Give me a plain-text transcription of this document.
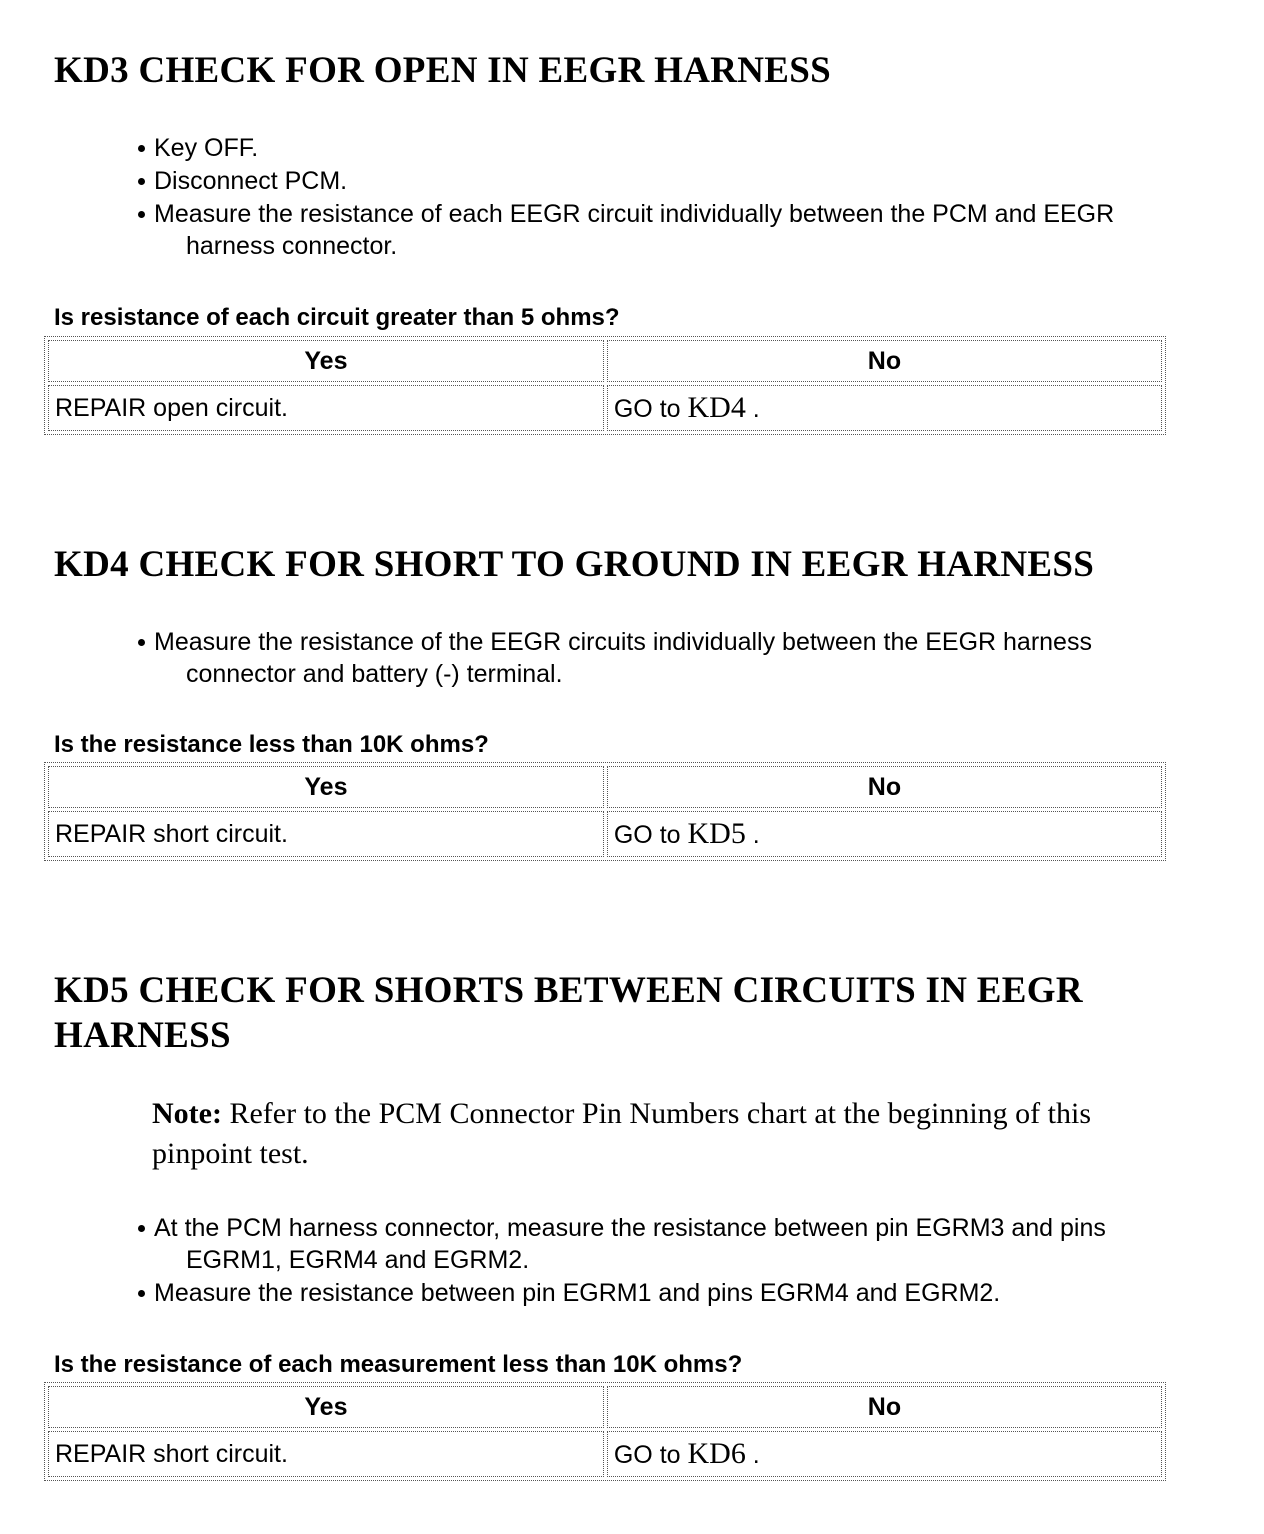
KD3 CHECK FOR OPEN IN EEGR HARNESS
Key OFF.
Disconnect PCM.
Measure the resistance of each EEGR circuit individually between the PCM and EEGR
harness connector.
Is resistance of each circuit greater than 5 ohms?
Yes	No
REPAIR open circuit.	GO to KD4 .
KD4 CHECK FOR SHORT TO GROUND IN EEGR HARNESS
Measure the resistance of the EEGR circuits individually between the EEGR harness
connector and battery (-) terminal.
Is the resistance less than 10K ohms?
Yes	No
REPAIR short circuit.	GO to KD5 .
KD5 CHECK FOR SHORTS BETWEEN CIRCUITS IN EEGR
HARNESS
Note: Refer to the PCM Connector Pin Numbers chart at the beginning of this
pinpoint test.
At the PCM harness connector, measure the resistance between pin EGRM3 and pins
EGRM1, EGRM4 and EGRM2.
Measure the resistance between pin EGRM1 and pins EGRM4 and EGRM2.
Is the resistance of each measurement less than 10K ohms?
Yes	No
REPAIR short circuit.	GO to KD6 .
